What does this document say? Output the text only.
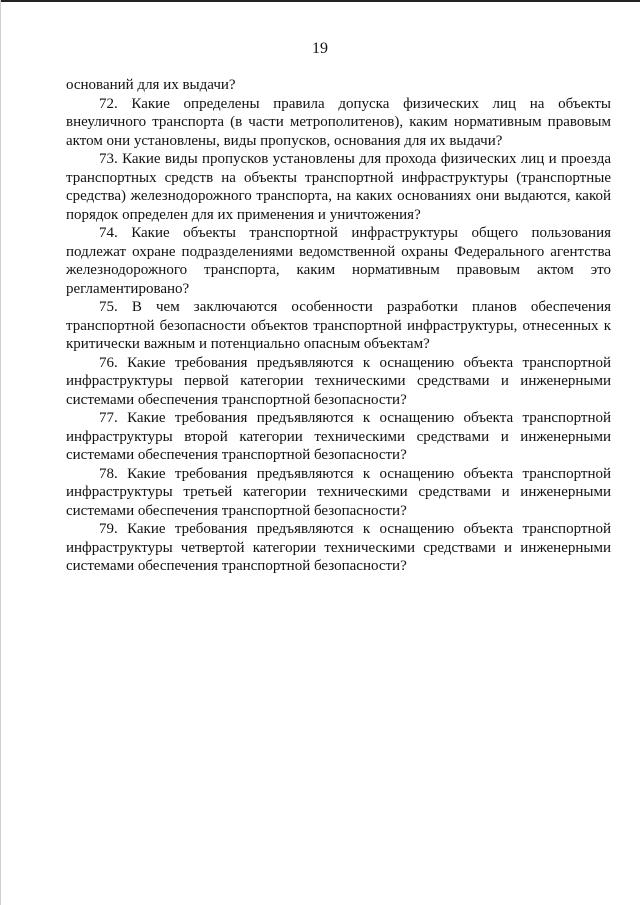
19

оснований для их выдачи?

72. Какие определены правила допуска физических лиц на объекты внеуличного транспорта (в части метрополитенов), каким нормативным правовым актом они установлены, виды пропусков, основания для их выдачи?

73. Какие виды пропусков установлены для прохода физических лиц и проезда транспортных средств на объекты транспортной инфраструктуры (транспортные средства) железнодорожного транспорта, на каких основаниях они выдаются, какой порядок определен для их применения и уничтожения?

74. Какие объекты транспортной инфраструктуры общего пользования подлежат охране подразделениями ведомственной охраны Федерального агентства железнодорожного транспорта, каким нормативным правовым актом это регламентировано?

75. В чем заключаются особенности разработки планов обеспечения транспортной безопасности объектов транспортной инфраструктуры, отнесенных к критически важным и потенциально опасным объектам?

76. Какие требования предъявляются к оснащению объекта транспортной инфраструктуры первой категории техническими средствами и инженерными системами обеспечения транспортной безопасности?

77. Какие требования предъявляются к оснащению объекта транспортной инфраструктуры второй категории техническими средствами и инженерными системами обеспечения транспортной безопасности?

78. Какие требования предъявляются к оснащению объекта транспортной инфраструктуры третьей категории техническими средствами и инженерными системами обеспечения транспортной безопасности?

79. Какие требования предъявляются к оснащению объекта транспортной инфраструктуры четвертой категории техническими средствами и инженерными системами обеспечения транспортной безопасности?
